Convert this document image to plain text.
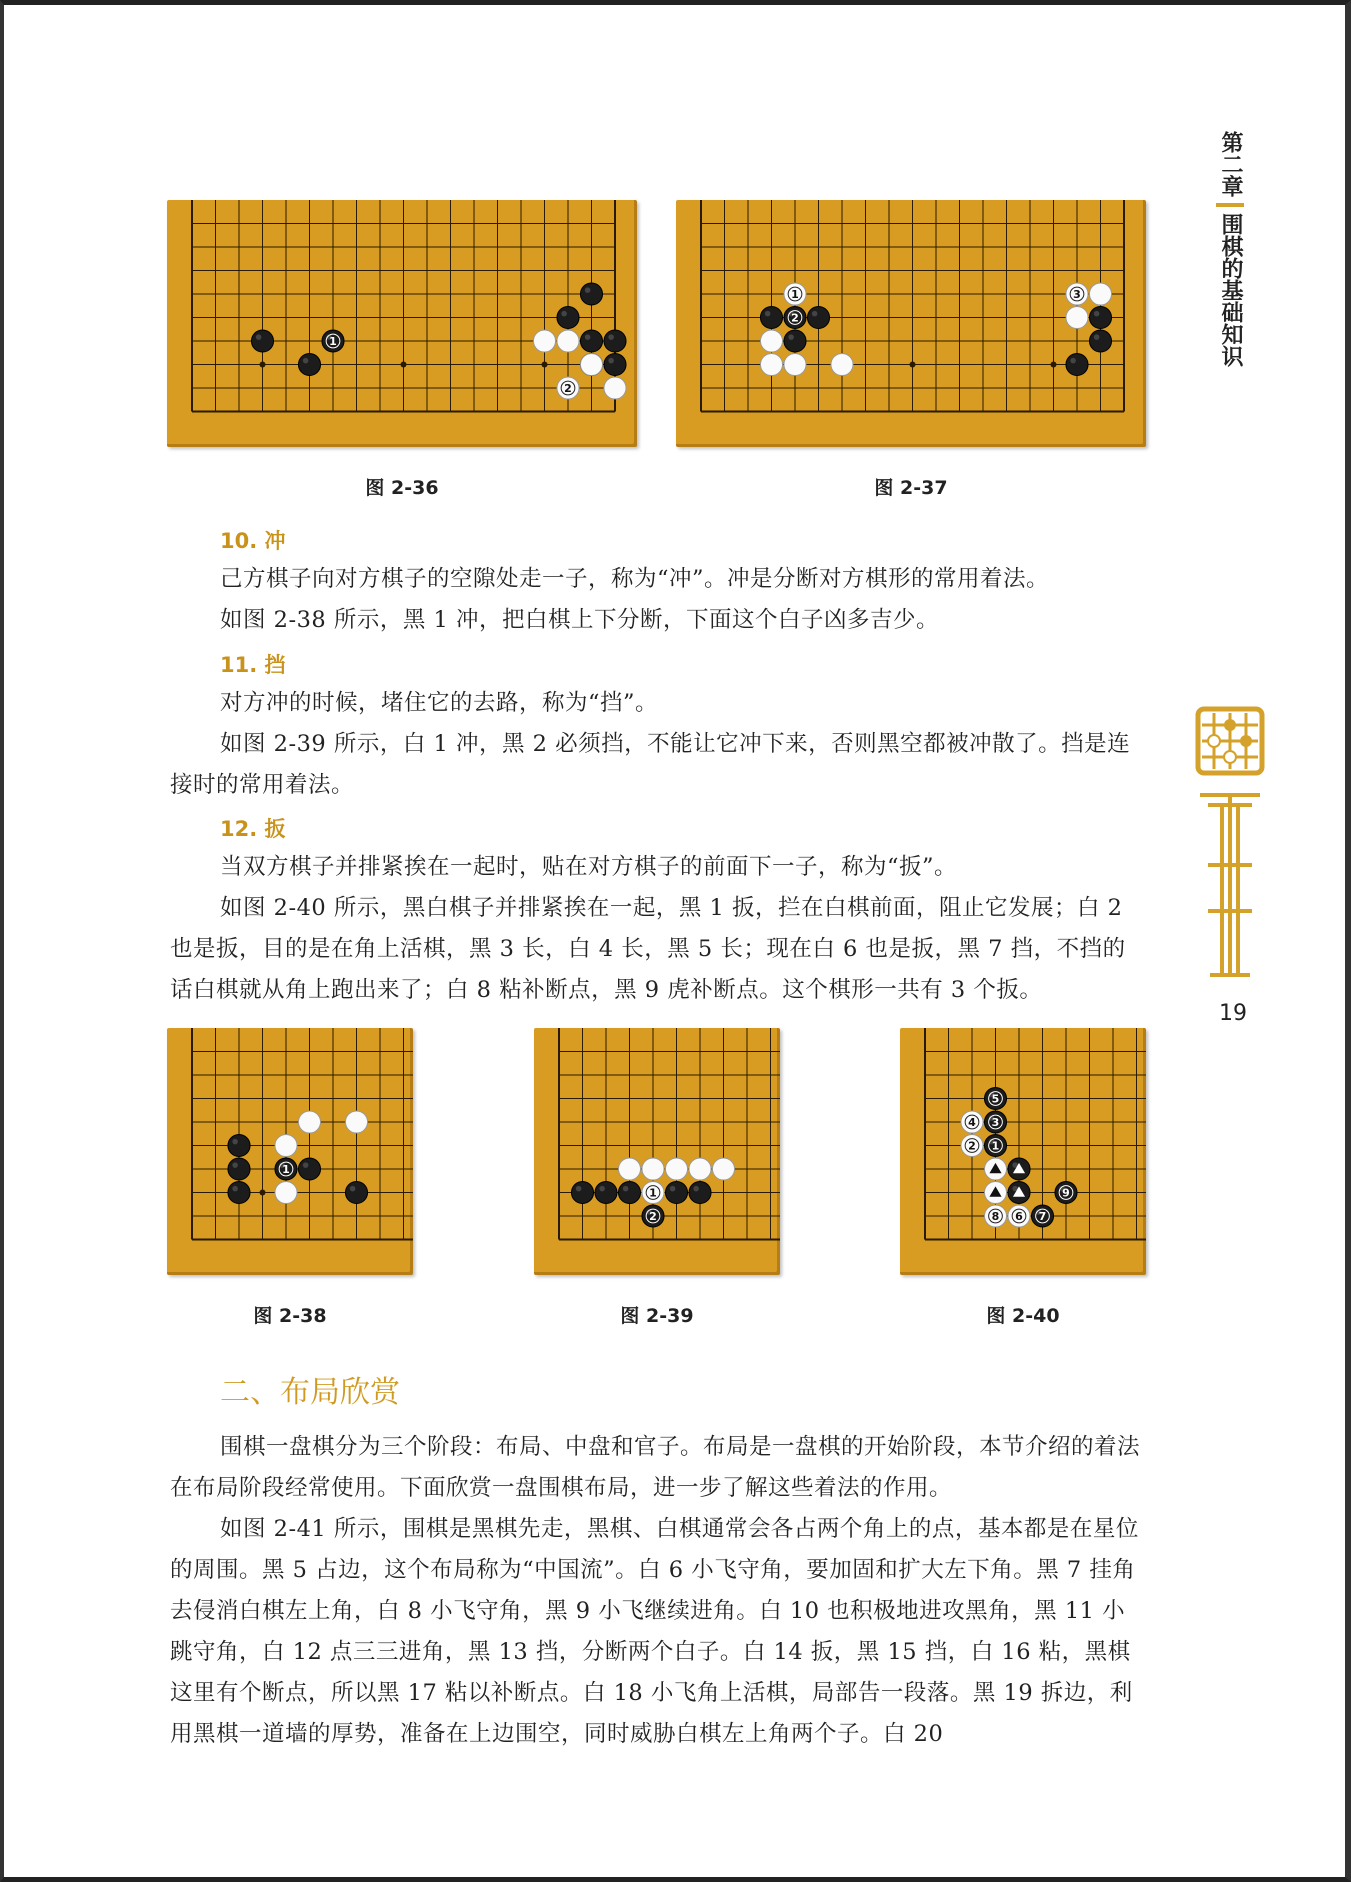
第二章
围棋的基础知识
19
1
2
图 2-36
1
2
3
图 2-37
10. 冲

己方棋子向对方棋子的空隙处走一子，称为“冲”。冲是分断对方棋形的常用着法。

如图 2-38 所示，黑 1 冲，把白棋上下分断，下面这个白子凶多吉少。

11. 挡

对方冲的时候，堵住它的去路，称为“挡”。

如图 2-39 所示，白 1 冲，黑 2 必须挡，不能让它冲下来，否则黑空都被冲散了。挡是连接时的常用着法。

12. 扳

当双方棋子并排紧挨在一起时，贴在对方棋子的前面下一子，称为“扳”。

如图 2-40 所示，黑白棋子并排紧挨在一起，黑 1 扳，拦在白棋前面，阻止它发展；白 2 也是扳，目的是在角上活棋，黑 3 长，白 4 长，黑 5 长；现在白 6 也是扳，黑 7 挡，不挡的话白棋就从角上跑出来了；白 8 粘补断点，黑 9 虎补断点。这个棋形一共有 3 个扳。

1
图 2-38
1
2
图 2-39
5
4 3
2 1
9
8 6 7
图 2-40
二、布局欣赏

围棋一盘棋分为三个阶段：布局、中盘和官子。布局是一盘棋的开始阶段，本节介绍的着法在布局阶段经常使用。下面欣赏一盘围棋布局，进一步了解这些着法的作用。

如图 2-41 所示，围棋是黑棋先走，黑棋、白棋通常会各占两个角上的点，基本都是在星位的周围。黑 5 占边，这个布局称为“中国流”。白 6 小飞守角，要加固和扩大左下角。黑 7 挂角去侵消白棋左上角，白 8 小飞守角，黑 9 小飞继续进角。白 10 也积极地进攻黑角，黑 11 小跳守角，白 12 点三三进角，黑 13 挡，分断两个白子。白 14 扳，黑 15 挡，白 16 粘，黑棋这里有个断点，所以黑 17 粘以补断点。白 18 小飞角上活棋，局部告一段落。黑 19 拆边，利用黑棋一道墙的厚势，准备在上边围空，同时威胁白棋左上角两个子。白 20
